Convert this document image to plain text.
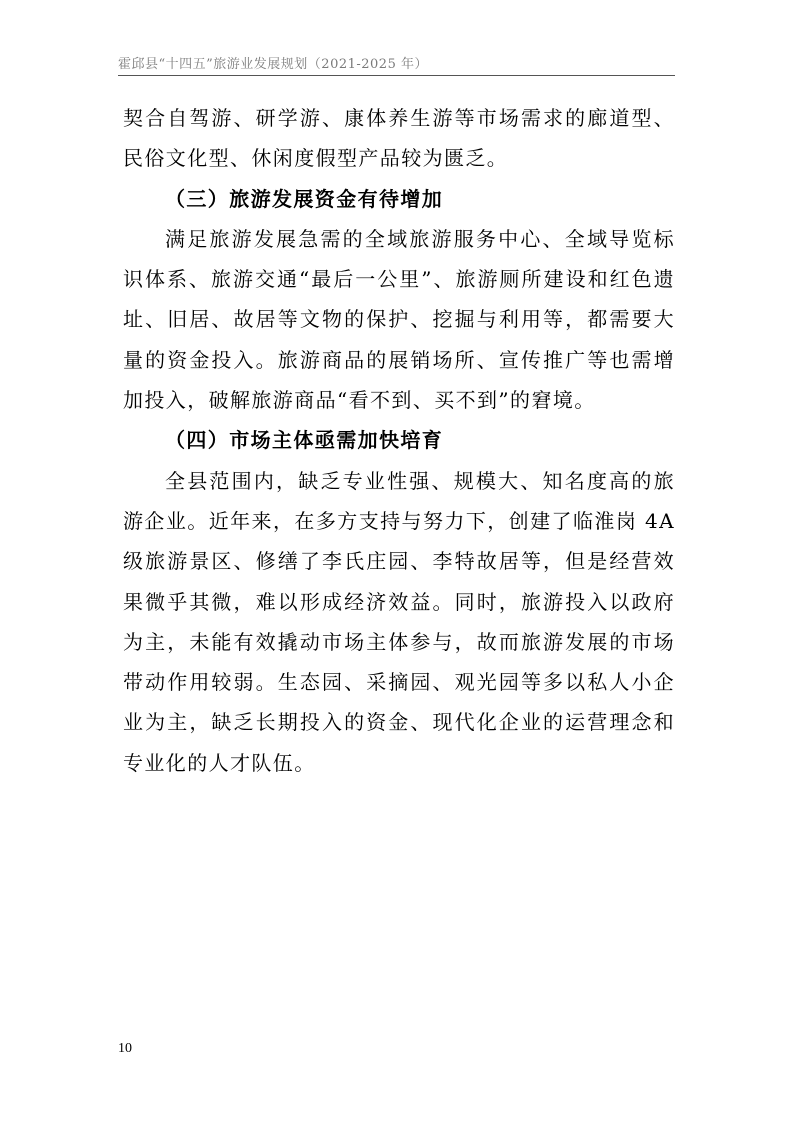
霍邱县“十四五”旅游业发展规划（2021-2025 年）

契合自驾游、研学游、康体养生游等市场需求的廊道型、民俗文化型、休闲度假型产品较为匮乏。

（三）旅游发展资金有待增加

满足旅游发展急需的全域旅游服务中心、全域导览标识体系、旅游交通“最后一公里”、旅游厕所建设和红色遗址、旧居、故居等文物的保护、挖掘与利用等，都需要大量的资金投入。旅游商品的展销场所、宣传推广等也需增加投入，破解旅游商品“看不到、买不到”的窘境。

（四）市场主体亟需加快培育

全县范围内，缺乏专业性强、规模大、知名度高的旅游企业。近年来，在多方支持与努力下，创建了临淮岗 4A 级旅游景区、修缮了李氏庄园、李特故居等，但是经营效果微乎其微，难以形成经济效益。同时，旅游投入以政府为主，未能有效撬动市场主体参与，故而旅游发展的市场带动作用较弱。生态园、采摘园、观光园等多以私人小企业为主，缺乏长期投入的资金、现代化企业的运营理念和专业化的人才队伍。

10
